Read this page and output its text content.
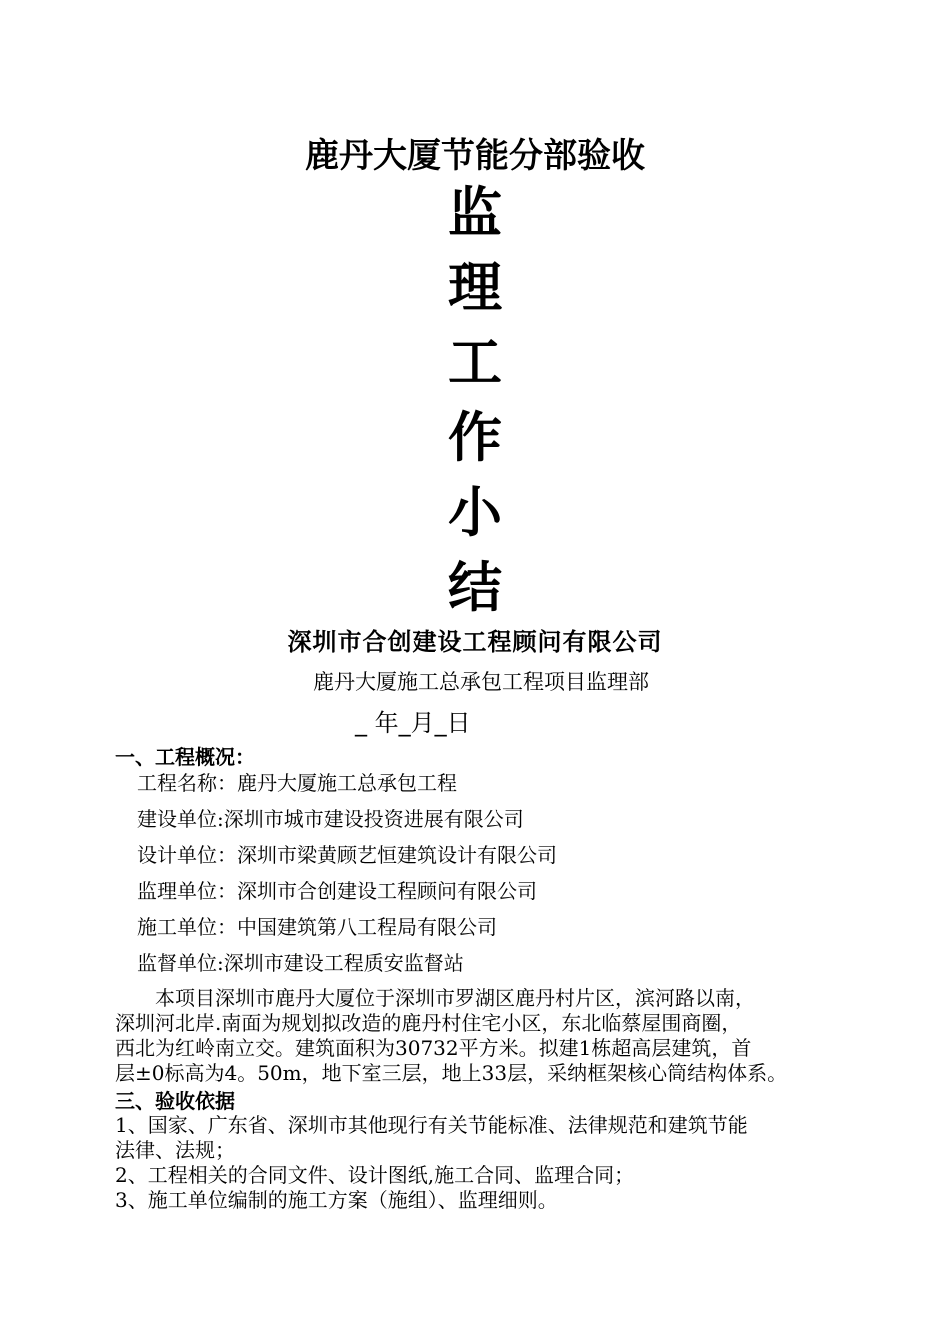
鹿丹大厦节能分部验收
监
理
工
作
小
结
深圳市合创建设工程顾问有限公司
鹿丹大厦施工总承包工程项目监理部
_ 年_月_日
一、工程概况：
工程名称：鹿丹大厦施工总承包工程
建设单位:深圳市城市建设投资进展有限公司
设计单位：深圳市梁黄顾艺恒建筑设计有限公司
监理单位：深圳市合创建设工程顾问有限公司
施工单位：中国建筑第八工程局有限公司
监督单位:深圳市建设工程质安监督站

　　本项目深圳市鹿丹大厦位于深圳市罗湖区鹿丹村片区，滨河路以南，

深圳河北岸.南面为规划拟改造的鹿丹村住宅小区，东北临蔡屋围商圈，

西北为红岭南立交。建筑面积为30732平方米。拟建1栋超高层建筑，首

层±0标高为4。50m，地下室三层，地上33层，采纳框架核心筒结构体系。

三、验收依据
1、国家、广东省、深圳市其他现行有关节能标准、法律规范和建筑节能
法律、法规；
2、工程相关的合同文件、设计图纸,施工合同、监理合同；
3、施工单位编制的施工方案（施组）、监理细则。
